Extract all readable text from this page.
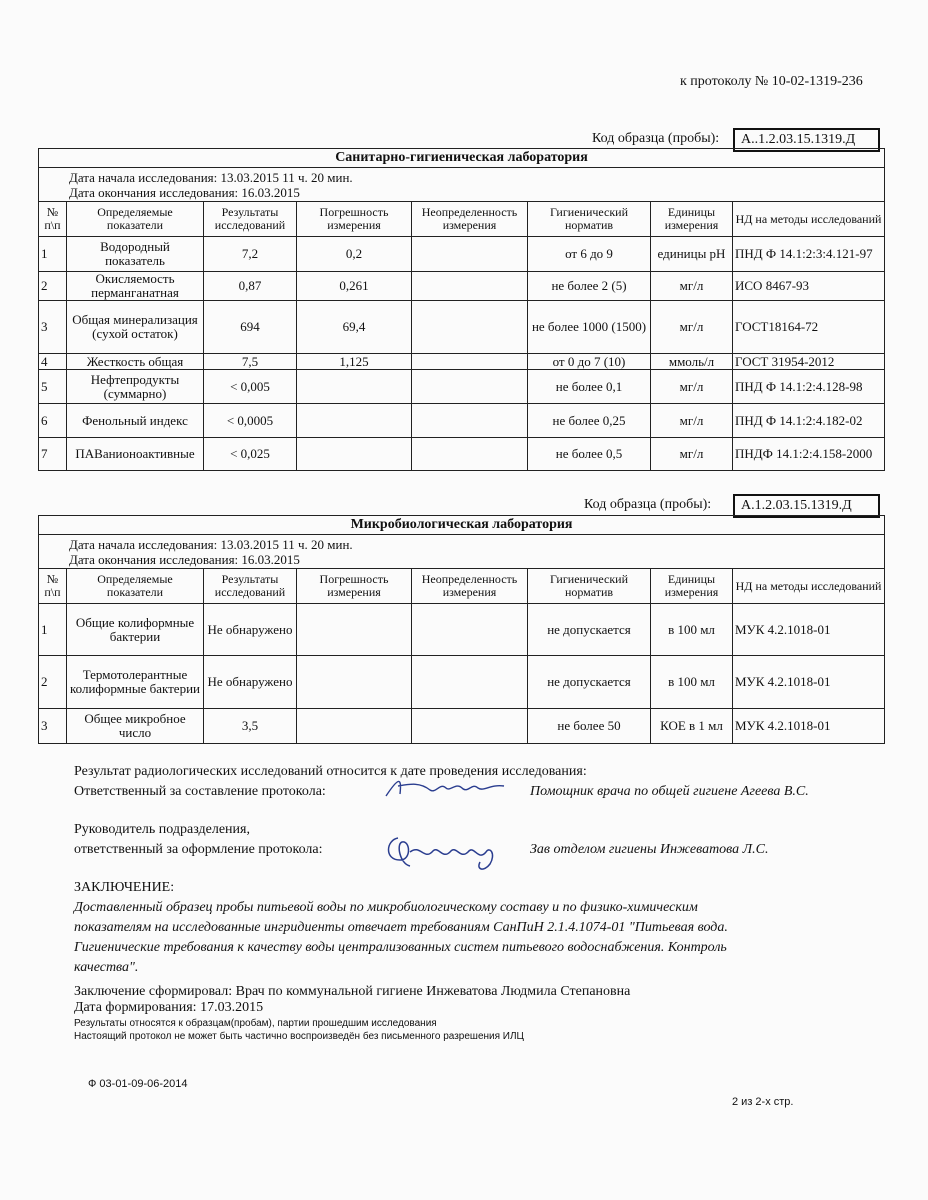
к протоколу № 10-02-1319-236
Код образца (пробы):	А..1.2.03.15.1319.Д
Санитарно-гигиеническая лаборатория							

Дата начала исследования: 13.03.2015 11 ч. 20 мин.
Дата окончания исследования: 16.03.2015							

№ п\п	Определяемые показатели	Результаты исследований	Погрешность измерения	Неопределенность измерения	Гигиенический норматив	Единицы измерения	НД на методы исследований
1	Водородный показатель	7,2	0,2		от 6 до 9	единицы рН	ПНД Ф 14.1:2:3:4.121-97
2	Окисляемость перманганатная	0,87	0,261		не более 2 (5)	мг/л	ИСО 8467-93
3	Общая минерализация (сухой остаток)	694	69,4		не более 1000 (1500)	мг/л	ГОСТ18164-72
4	Жесткость общая	7,5	1,125		от 0 до 7 (10)	ммоль/л	ГОСТ 31954-2012
5	Нефтепродукты (суммарно)	< 0,005			не более 0,1	мг/л	ПНД Ф 14.1:2:4.128-98
6	Фенольный индекс	< 0,0005			не более 0,25	мг/л	ПНД Ф 14.1:2:4.182-02
7	ПАВанионоактивные	< 0,025			не более 0,5	мг/л	ПНДФ 14.1:2:4.158-2000
Код образца (пробы):	А.1.2.03.15.1319.Д
Микробиологическая лаборатория							

Дата начала исследования: 13.03.2015 11 ч. 20 мин.
Дата окончания исследования: 16.03.2015							

№ п\п	Определяемые показатели	Результаты исследований	Погрешность измерения	Неопределенность измерения	Гигиенический норматив	Единицы измерения	НД на методы исследований
1	Общие колиформные бактерии	Не обнаружено			не допускается	в 100 мл	МУК 4.2.1018-01
2	Термотолерантные колиформные бактерии	Не обнаружено			не допускается	в 100 мл	МУК 4.2.1018-01
3	Общее микробное число	3,5			не более 50	КОЕ в 1 мл	МУК 4.2.1018-01
Результат радиологических исследований относится к дате проведения исследования:
Ответственный за составление протокола:	Помощник врача по общей гигиене Агеева В.С.
Руководитель подразделения,
ответственный за оформление протокола:	Зав отделом гигиены Инжеватова Л.С.
ЗАКЛЮЧЕНИЕ:
Доставленный образец пробы питьевой воды по микробиологическому составу и по физико-химическим
показателям на исследованные ингридиенты отвечает требованиям СанПиН 2.1.4.1074-01 "Питьевая вода.
Гигиенические требования к качеству воды централизованных систем питьевого водоснабжения. Контроль
качества".
Заключение сформировал: Врач по коммунальной гигиене Инжеватова Людмила Степановна
Дата формирования: 17.03.2015
Результаты относятся к образцам(пробам), партии прошедшим исследования
Настоящий протокол не может быть частично воспроизведён без письменного разрешения ИЛЦ
Ф 03-01-09-06-2014
2 из 2-х стр.
